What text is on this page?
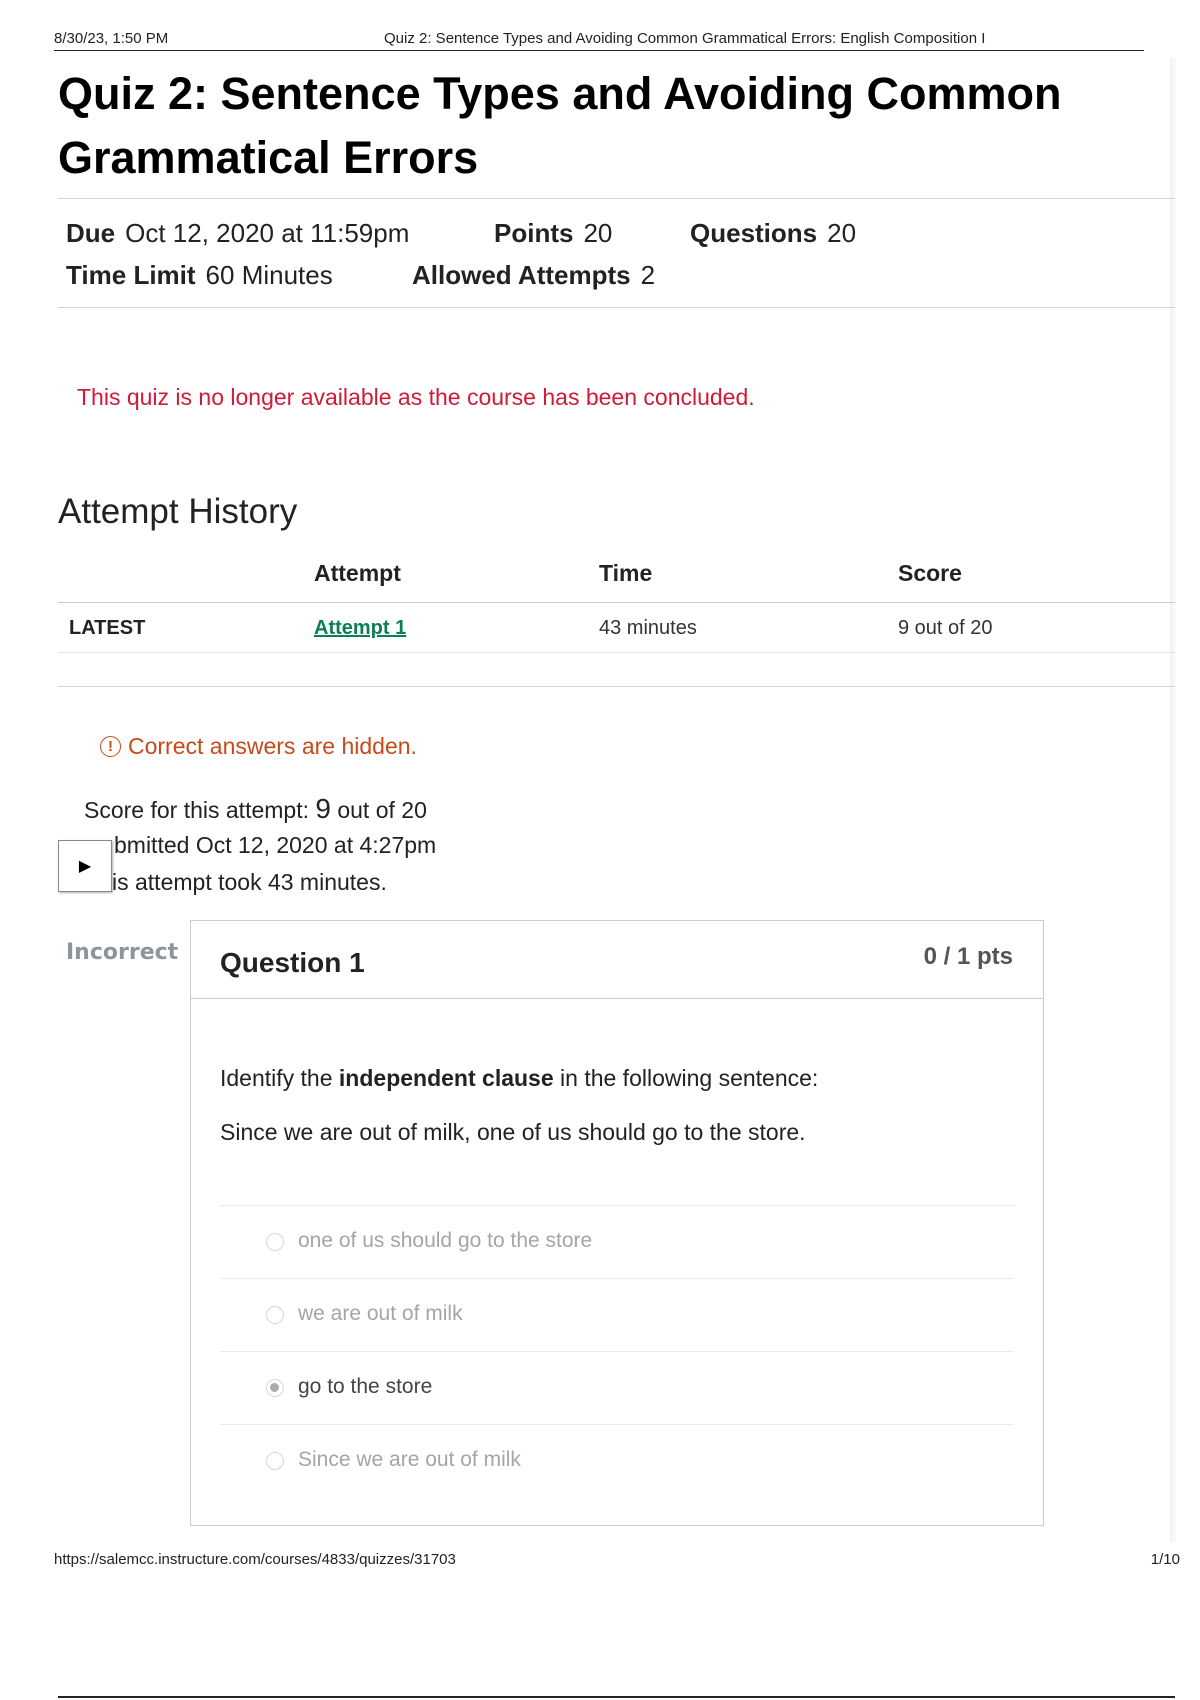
8/30/23, 1:50 PM	Quiz 2: Sentence Types and Avoiding Common Grammatical Errors: English Composition I
Quiz 2: Sentence Types and Avoiding Common Grammatical Errors
Due Oct 12, 2020 at 11:59pm	Points 20	Questions 20
Time Limit 60 Minutes	Allowed Attempts 2
This quiz is no longer available as the course has been concluded.
Attempt History
Attempt	Time	Score
LATEST	Attempt 1	43 minutes	9 out of 20
! Correct answers are hidden.
Score for this attempt: 9 out of 20
bmitted Oct 12, 2020 at 4:27pm
is attempt took 43 minutes.
▶
Incorrect Question 1	0 / 1 pts
Identify the independent clause in the following sentence:
Since we are out of milk, one of us should go to the store.
one of us should go to the store
we are out of milk
go to the store
Since we are out of milk
https://salemcc.instructure.com/courses/4833/quizzes/31703	1/10
